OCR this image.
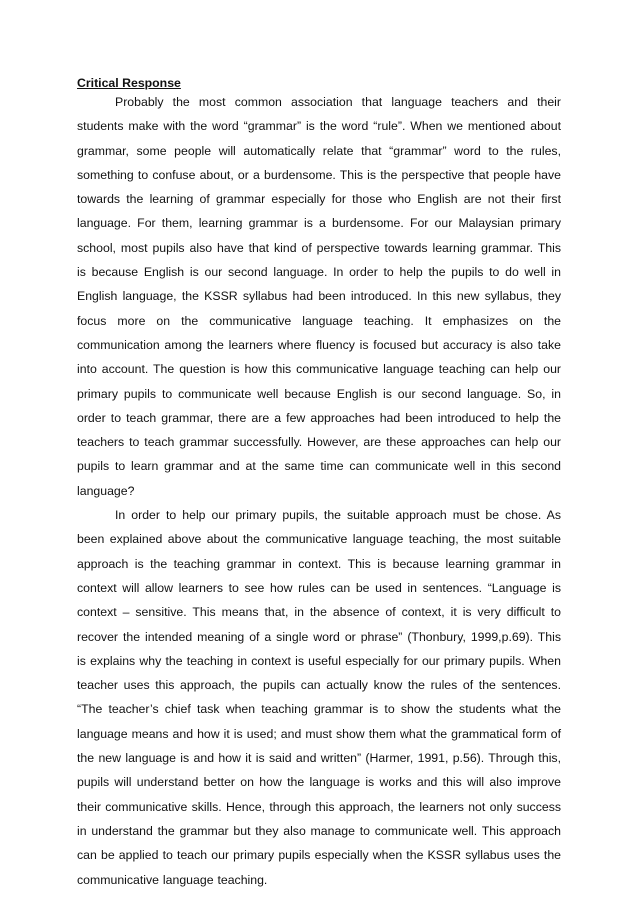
Critical Response

Probably the most common association that language teachers and their students make with the word “grammar” is the word “rule”. When we mentioned about grammar, some people will automatically relate that “grammar” word to the rules, something to confuse about, or a burdensome. This is the perspective that people have towards the learning of grammar especially for those who English are not their first language. For them, learning grammar is a burdensome. For our Malaysian primary school, most pupils also have that kind of perspective towards learning grammar. This is because English is our second language. In order to help the pupils to do well in English language, the KSSR syllabus had been introduced. In this new syllabus, they focus more on the communicative language teaching. It emphasizes on the communication among the learners where fluency is focused but accuracy is also take into account. The question is how this communicative language teaching can help our primary pupils to communicate well because English is our second language. So, in order to teach grammar, there are a few approaches had been introduced to help the teachers to teach grammar successfully. However, are these approaches can help our pupils to learn grammar and at the same time can communicate well in this second language?

In order to help our primary pupils, the suitable approach must be chose. As been explained above about the communicative language teaching, the most suitable approach is the teaching grammar in context. This is because learning grammar in context will allow learners to see how rules can be used in sentences. “Language is context – sensitive. This means that, in the absence of context, it is very difficult to recover the intended meaning of a single word or phrase” (Thonbury, 1999,p.69). This is explains why the teaching in context is useful especially for our primary pupils. When teacher uses this approach, the pupils can actually know the rules of the sentences. “The teacher’s chief task when teaching grammar is to show the students what the language means and how it is used; and must show them what the grammatical form of the new language is and how it is said and written” (Harmer, 1991, p.56). Through this, pupils will understand better on how the language is works and this will also improve their communicative skills. Hence, through this approach, the learners not only success in understand the grammar but they also manage to communicate well. This approach can be applied to teach our primary pupils especially when the KSSR syllabus uses the communicative language teaching.
